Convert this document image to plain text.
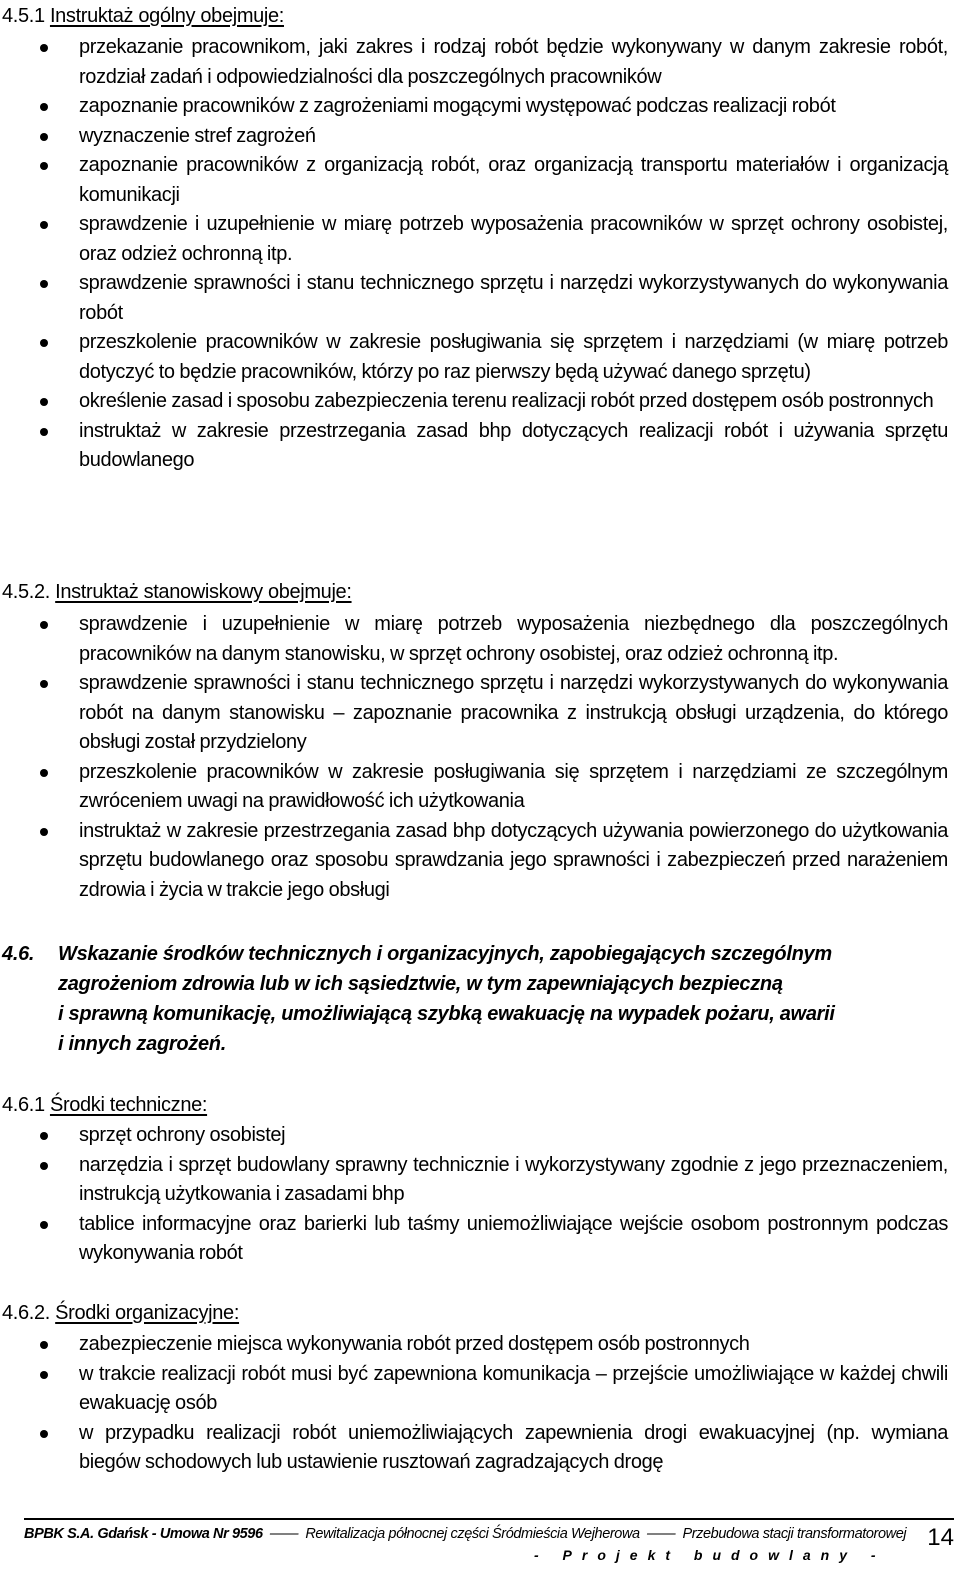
4.5.1 Instruktaż ogólny obejmuje:
przekazanie pracownikom, jaki zakres i rodzaj robót będzie wykonywany w danym zakresie robót, rozdział zadań i odpowiedzialności dla poszczególnych pracowników
zapoznanie pracowników z zagrożeniami mogącymi występować podczas realizacji robót
wyznaczenie stref zagrożeń
zapoznanie pracowników z organizacją robót, oraz organizacją transportu materiałów i organizacją komunikacji
sprawdzenie i uzupełnienie w miarę potrzeb wyposażenia pracowników w sprzęt ochrony osobistej, oraz odzież ochronną itp.
sprawdzenie sprawności i stanu technicznego sprzętu i narzędzi wykorzystywanych do wykonywania robót
przeszkolenie pracowników w zakresie posługiwania się sprzętem i narzędziami (w miarę potrzeb dotyczyć to będzie pracowników, którzy po raz pierwszy będą używać danego sprzętu)
określenie zasad i sposobu zabezpieczenia terenu realizacji robót przed dostępem osób postronnych
instruktaż w zakresie przestrzegania zasad bhp dotyczących realizacji robót i używania sprzętu budowlanego
4.5.2. Instruktaż stanowiskowy obejmuje:
sprawdzenie i uzupełnienie w miarę potrzeb wyposażenia niezbędnego dla poszczególnych pracowników na danym stanowisku, w sprzęt ochrony osobistej, oraz odzież ochronną itp.
sprawdzenie sprawności i stanu technicznego sprzętu i narzędzi wykorzystywanych do wykonywania robót na danym stanowisku – zapoznanie pracownika z instrukcją obsługi urządzenia, do którego obsługi został przydzielony
przeszkolenie pracowników w zakresie posługiwania się sprzętem i narzędziami ze szczególnym zwróceniem uwagi na prawidłowość ich użytkowania
instruktaż w zakresie przestrzegania zasad bhp dotyczących używania powierzonego do użytkowania sprzętu budowlanego oraz sposobu sprawdzania jego sprawności i zabezpieczeń przed narażeniem zdrowia i życia w trakcie jego obsługi
4.6. Wskazanie środków technicznych i organizacyjnych, zapobiegających szczególnym
zagrożeniom zdrowia lub w ich sąsiedztwie, w tym zapewniających bezpieczną
i sprawną komunikację, umożliwiającą szybką ewakuację na wypadek pożaru, awarii
i innych zagrożeń.
4.6.1 Środki techniczne:
sprzęt ochrony osobistej
narzędzia i sprzęt budowlany sprawny technicznie i wykorzystywany zgodnie z jego przeznaczeniem, instrukcją użytkowania i zasadami bhp
tablice informacyjne oraz barierki lub taśmy uniemożliwiające wejście osobom postronnym podczas wykonywania robót
4.6.2. Środki organizacyjne:
zabezpieczenie miejsca wykonywania robót przed dostępem osób postronnych
w trakcie realizacji robót musi być zapewniona komunikacja – przejście umożliwiające w każdej chwili ewakuację osób
w przypadku realizacji robót uniemożliwiających zapewnienia drogi ewakuacyjnej (np. wymiana biegów schodowych lub ustawienie rusztowań zagradzających drogę
BPBK S.A. Gdańsk - Umowa Nr 9596  ——  Rewitalizacja północnej części Śródmieścia Wejherowa  ——  Przebudowa stacji transformatorowej
- Projekt budowlany -
14
